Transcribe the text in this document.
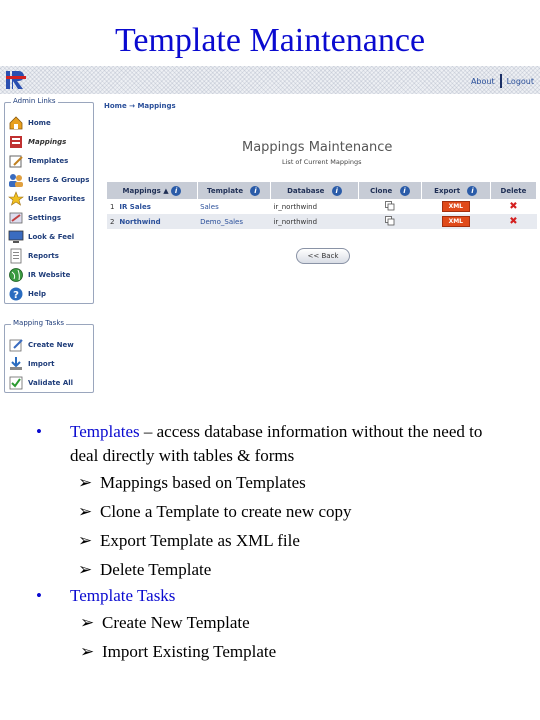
Template Maintenance
About Logout
Admin Links
Home
Mappings
Templates
Users & Groups
User Favorites
Settings
Look & Feel
Reports
IR Website
? Help
Mapping Tasks
Create New
Import
Validate All
Home → Mappings
Mappings Maintenance
List of Current Mappings
Mappings ▲ i	Template i	Database i	Clone i	Export i	Delete
1 IR Sales	Sales	ir_northwind		XML	✖
2 Northwind	Demo_Sales	ir_northwind		XML	✖
<< Back
• Templates – access database information without the need to deal directly with tables & forms
➢ Mappings based on Templates
➢ Clone a Template to create new copy
➢ Export Template as XML file
➢ Delete Template
• Template Tasks
➢ Create New Template
➢ Import Existing Template
